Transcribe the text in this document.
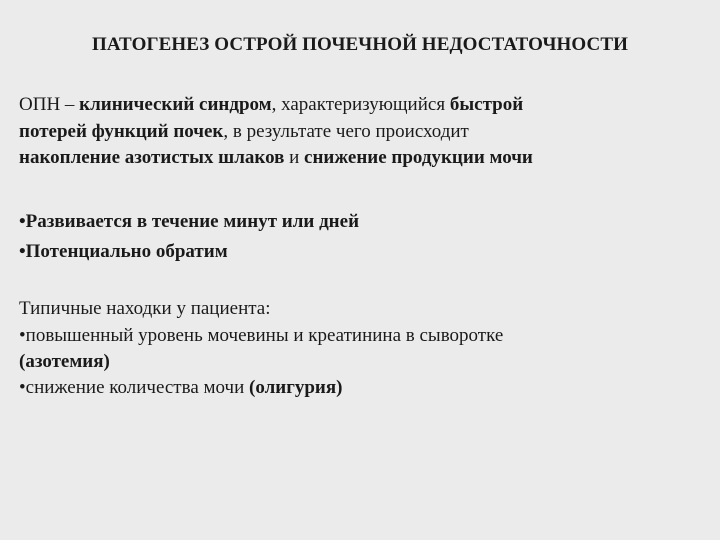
ПАТОГЕНЕЗ ОСТРОЙ ПОЧЕЧНОЙ НЕДОСТАТОЧНОСТИ
ОПН – клинический синдром, характеризующийся быстрой
потерей функций почек, в результате чего происходит
накопление азотистых шлаков и снижение продукции мочи
•Развивается в течение минут или дней
•Потенциально обратим
Типичные находки у пациента:
•повышенный уровень мочевины и креатинина в сыворотке
(азотемия)
•снижение количества мочи (олигурия)
